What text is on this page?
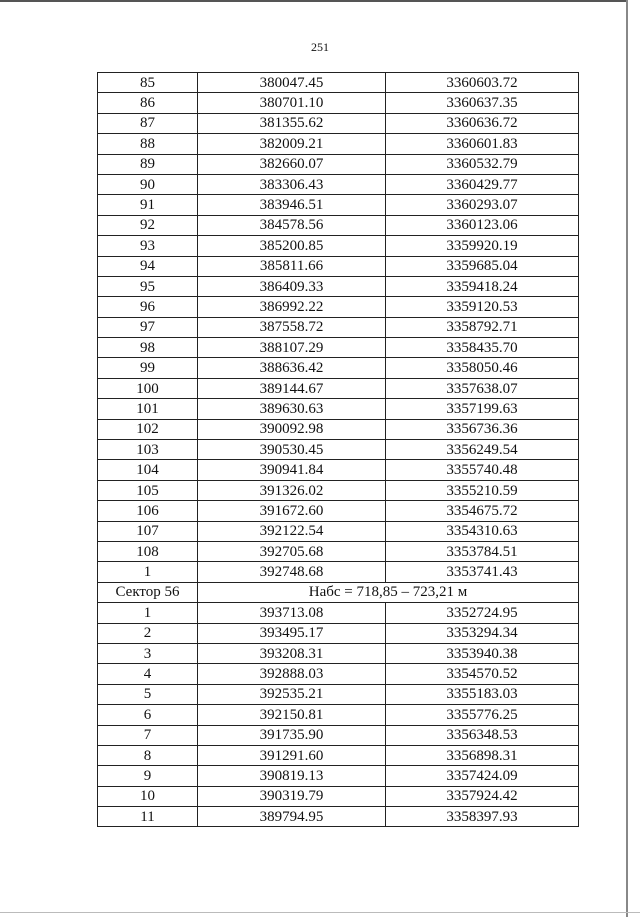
251
85	380047.45	3360603.72
86	380701.10	3360637.35
87	381355.62	3360636.72
88	382009.21	3360601.83
89	382660.07	3360532.79
90	383306.43	3360429.77
91	383946.51	3360293.07
92	384578.56	3360123.06
93	385200.85	3359920.19
94	385811.66	3359685.04
95	386409.33	3359418.24
96	386992.22	3359120.53
97	387558.72	3358792.71
98	388107.29	3358435.70
99	388636.42	3358050.46
100	389144.67	3357638.07
101	389630.63	3357199.63
102	390092.98	3356736.36
103	390530.45	3356249.54
104	390941.84	3355740.48
105	391326.02	3355210.59
106	391672.60	3354675.72
107	392122.54	3354310.63
108	392705.68	3353784.51
1	392748.68	3353741.43
Сектор 56	Набс = 718,85 – 723,21 м	
1	393713.08	3352724.95
2	393495.17	3353294.34
3	393208.31	3353940.38
4	392888.03	3354570.52
5	392535.21	3355183.03
6	392150.81	3355776.25
7	391735.90	3356348.53
8	391291.60	3356898.31
9	390819.13	3357424.09
10	390319.79	3357924.42
11	389794.95	3358397.93
